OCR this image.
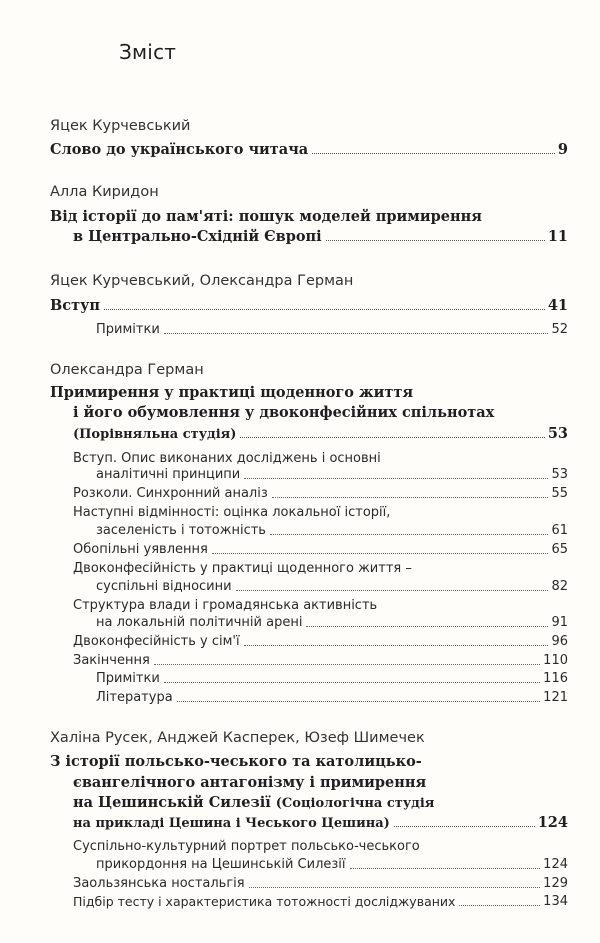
Зміст
Яцек Курчевський
Слово до українського читача	9
Алла Киридон
Від історії до пам'яті: пошук моделей примирення
в Центрально-Східній Європі	11
Яцек Курчевський, Олександра Герман
Вступ	41
Примітки	52
Олександра Герман
Примирення у практиці щоденного життя
і його обумовлення у двоконфесійних спільнотах
(Порівняльна студія)	53
Вступ. Опис виконаних досліджень і основні
аналітичні принципи	53
Розколи. Синхронний аналіз	55
Наступні відмінності: оцінка локальної історії,
заселеність і тотожність	61
Обопільні уявлення	65
Двоконфесійність у практиці щоденного життя –
суспільні відносини	82
Структура влади і громадянська активність
на локальній політичній арені	91
Двоконфесійність у сім'ї	96
Закінчення	110
Примітки	116
Література	121
Халіна Русек, Анджей Касперек, Юзеф Шимечек
З історії польсько-чеського та католицько-
євангелічного антагонізму і примирення
на Цешинській Силезії (Соціологічна студія
на прикладі Цешина і Чеського Цешина)	124
Суспільно-культурний портрет польсько-чеського
прикордоння на Цешинській Силезії	124
Заользянська ностальгія	129
Підбір тесту і характеристика тотожності досліджуваних	134
